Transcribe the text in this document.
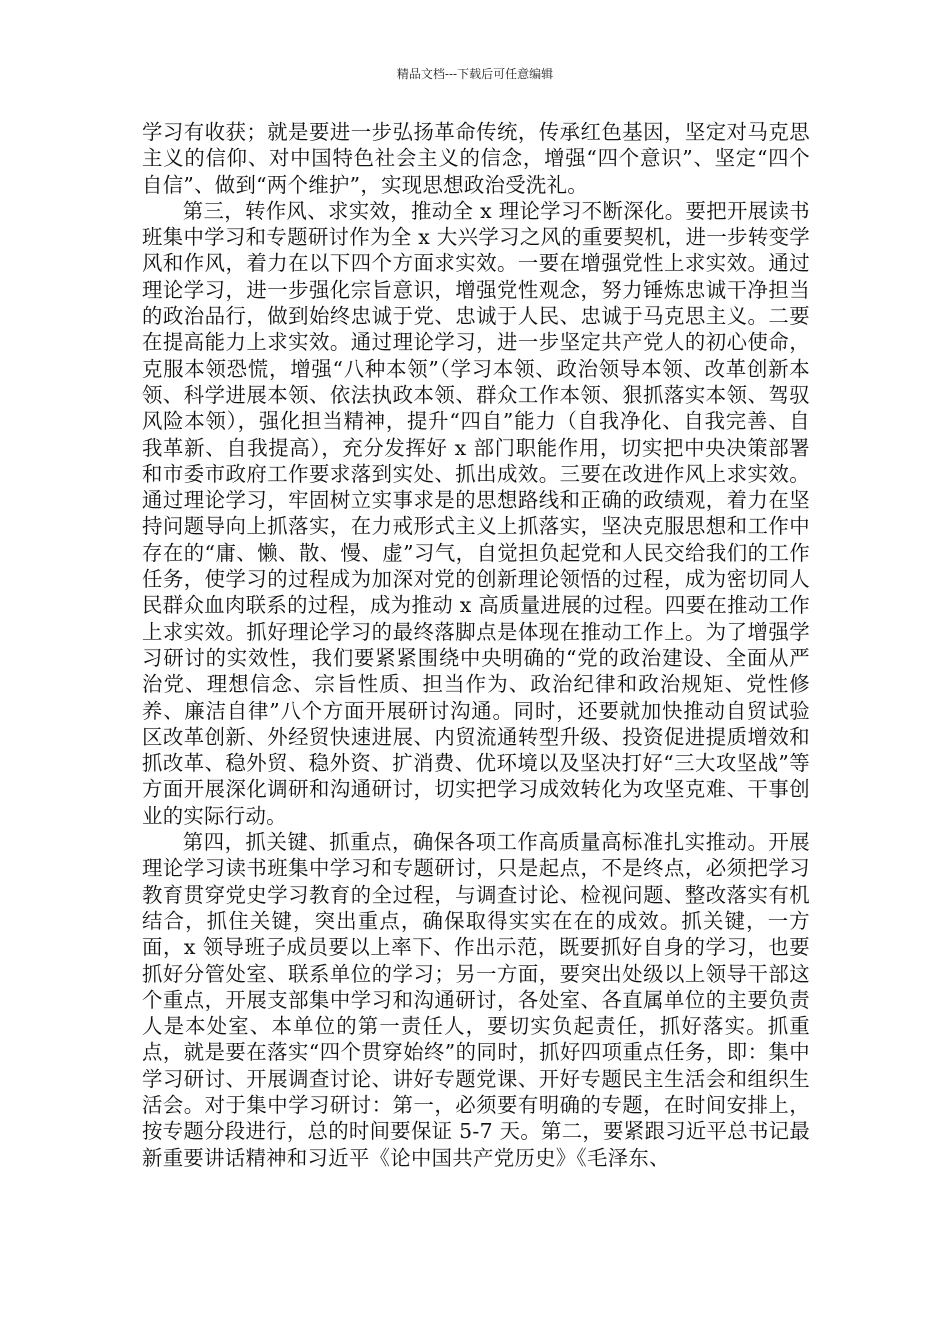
精品文档---下载后可任意编辑

学习有收获；就是要进一步弘扬革命传统，传承红色基因，坚定对马克思主义的信仰、对中国特色社会主义的信念，增强“四个意识”、坚定“四个自信”、做到“两个维护”，实现思想政治受洗礼。

第三，转作风、求实效，推动全 x 理论学习不断深化。要把开展读书班集中学习和专题研讨作为全 x 大兴学习之风的重要契机，进一步转变学风和作风，着力在以下四个方面求实效。一要在增强党性上求实效。通过理论学习，进一步强化宗旨意识，增强党性观念，努力锤炼忠诚干净担当的政治品行，做到始终忠诚于党、忠诚于人民、忠诚于马克思主义。二要在提高能力上求实效。通过理论学习，进一步坚定共产党人的初心使命，克服本领恐慌，增强“八种本领”（学习本领、政治领导本领、改革创新本领、科学进展本领、依法执政本领、群众工作本领、狠抓落实本领、驾驭风险本领），强化担当精神，提升“四自”能力（自我净化、自我完善、自我革新、自我提高），充分发挥好 x 部门职能作用，切实把中央决策部署和市委市政府工作要求落到实处、抓出成效。三要在改进作风上求实效。通过理论学习，牢固树立实事求是的思想路线和正确的政绩观，着力在坚持问题导向上抓落实，在力戒形式主义上抓落实，坚决克服思想和工作中存在的“庸、懒、散、慢、虚”习气，自觉担负起党和人民交给我们的工作任务，使学习的过程成为加深对党的创新理论领悟的过程，成为密切同人民群众血肉联系的过程，成为推动 x 高质量进展的过程。四要在推动工作上求实效。抓好理论学习的最终落脚点是体现在推动工作上。为了增强学习研讨的实效性，我们要紧紧围绕中央明确的“党的政治建设、全面从严治党、理想信念、宗旨性质、担当作为、政治纪律和政治规矩、党性修养、廉洁自律”八个方面开展研讨沟通。同时，还要就加快推动自贸试验区改革创新、外经贸快速进展、内贸流通转型升级、投资促进提质增效和抓改革、稳外贸、稳外资、扩消费、优环境以及坚决打好“三大攻坚战”等方面开展深化调研和沟通研讨，切实把学习成效转化为攻坚克难、干事创业的实际行动。

第四，抓关键、抓重点，确保各项工作高质量高标准扎实推动。开展理论学习读书班集中学习和专题研讨，只是起点，不是终点，必须把学习教育贯穿党史学习教育的全过程，与调查讨论、检视问题、整改落实有机结合，抓住关键，突出重点，确保取得实实在在的成效。抓关键，一方面，x 领导班子成员要以上率下、作出示范，既要抓好自身的学习，也要抓好分管处室、联系单位的学习；另一方面，要突出处级以上领导干部这个重点，开展支部集中学习和沟通研讨，各处室、各直属单位的主要负责人是本处室、本单位的第一责任人，要切实负起责任，抓好落实。抓重点，就是要在落实“四个贯穿始终”的同时，抓好四项重点任务，即：集中学习研讨、开展调查讨论、讲好专题党课、开好专题民主生活会和组织生活会。对于集中学习研讨：第一，必须要有明确的专题，在时间安排上，按专题分段进行，总的时间要保证 5-7 天。第二，要紧跟习近平总书记最新重要讲话精神和习近平《论中国共产党历史》《毛泽东、
